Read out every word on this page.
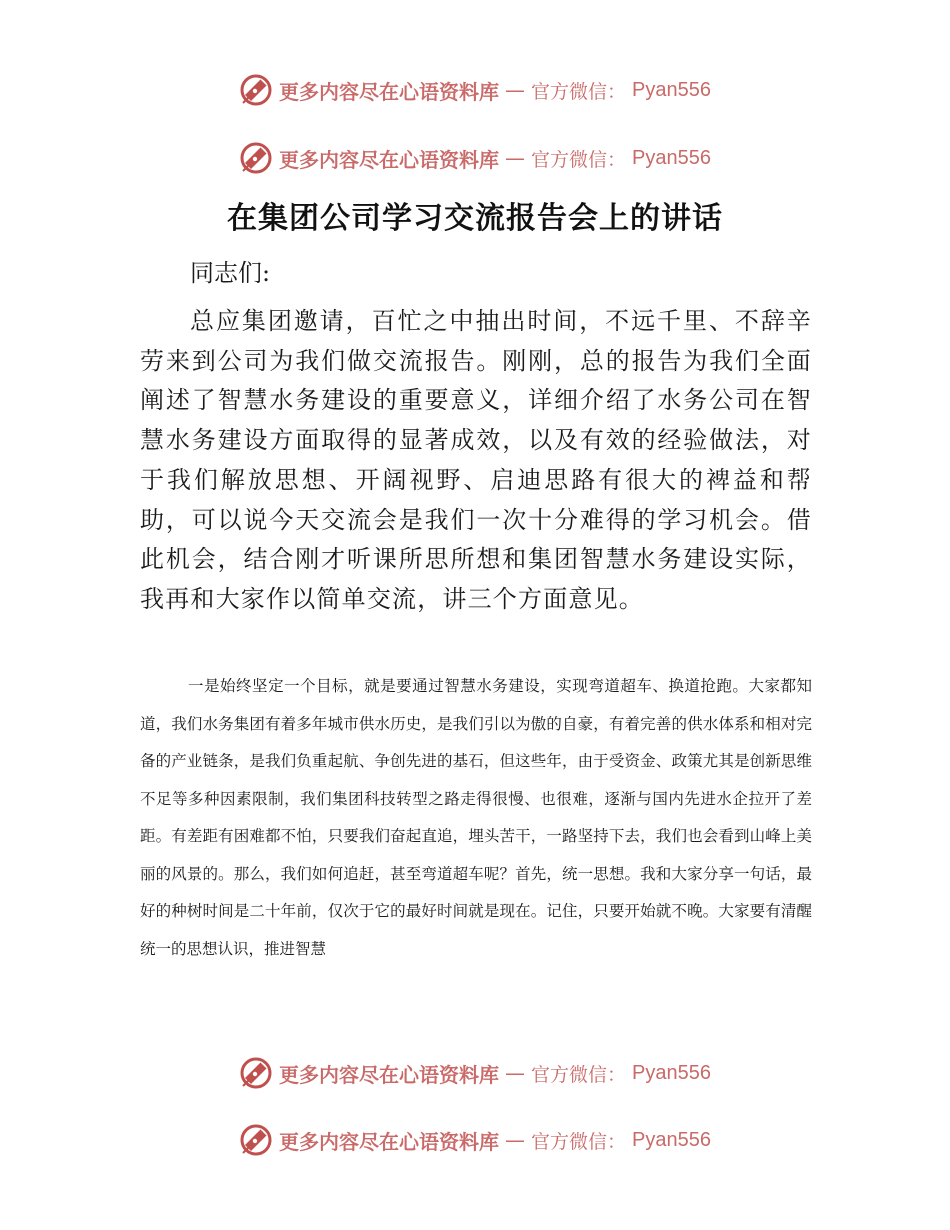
更多内容尽在心语资料库 — 官方微信： Pyan556
更多内容尽在心语资料库 — 官方微信： Pyan556
在集团公司学习交流报告会上的讲话
同志们:

总应集团邀请，百忙之中抽出时间，不远千里、不辞辛劳来到公司为我们做交流报告。刚刚，总的报告为我们全面阐述了智慧水务建设的重要意义，详细介绍了水务公司在智慧水务建设方面取得的显著成效，以及有效的经验做法，对于我们解放思想、开阔视野、启迪思路有很大的裨益和帮助，可以说今天交流会是我们一次十分难得的学习机会。借此机会，结合刚才听课所思所想和集团智慧水务建设实际，我再和大家作以简单交流，讲三个方面意见。

一是始终坚定一个目标，就是要通过智慧水务建设，实现弯道超车、换道抢跑。大家都知道，我们水务集团有着多年城市供水历史，是我们引以为傲的自豪，有着完善的供水体系和相对完备的产业链条，是我们负重起航、争创先进的基石，但这些年，由于受资金、政策尤其是创新思维不足等多种因素限制，我们集团科技转型之路走得很慢、也很难，逐渐与国内先进水企拉开了差距。有差距有困难都不怕，只要我们奋起直追，埋头苦干，一路坚持下去，我们也会看到山峰上美丽的风景的。那么，我们如何追赶，甚至弯道超车呢？首先，统一思想。我和大家分享一句话，最好的种树时间是二十年前，仅次于它的最好时间就是现在。记住，只要开始就不晚。大家要有清醒统一的思想认识，推进智慧

更多内容尽在心语资料库 — 官方微信： Pyan556
更多内容尽在心语资料库 — 官方微信： Pyan556
